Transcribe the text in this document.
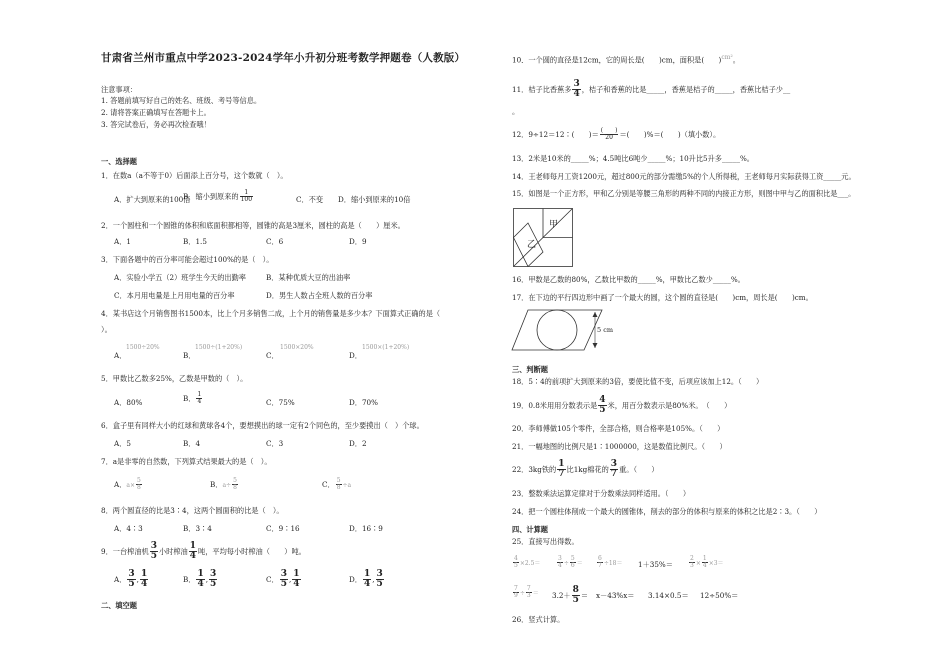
甘肃省兰州市重点中学2023-2024学年小升初分班考数学押题卷（人教版）
注意事项：
1. 答题前填写好自己的姓名、班级、考号等信息。
2. 请将答案正确填写在答题卡上。
3. 答完试卷后，务必再次检查哦！
一、选择题
1．在数a（a不等于0）后面添上百分号，这个数就（　）。
A．扩大到原来的100倍
B．缩小到原来的 $\frac{1}{100}$	C．不变 D．缩小到原来的10倍
2．一个圆柱和一个圆锥的体积和底面积都相等，圆锥的高是3厘米，圆柱的高是（　　）厘米。
A．1	B．1.5	C．6	D．9
3．下面各题中的百分率可能会超过100%的是（　）。
A．实验小学五（2）班学生今天的出勤率	B．某种优质大豆的出油率
C．本月用电量是上月用电量的百分率	D．男生人数占全班人数的百分率
4．某书店这个月销售图书1500本，比上个月多销售二成，上个月的销售量是多少本？下面算式正确的是（
）。
1500÷20%	1500÷(1+20%)	1500×20%	1500×(1+20%)
A．	B．	C．	D．
5．甲数比乙数多25%，乙数是甲数的（　）。
A．80%	B． $\frac{1}{4}$	C．75%	D．70%
6．盒子里有同样大小的红球和黄球各4个，要想摸出的球一定有2个同色的，至少要摸出（　）个球。
A．5	B．4	C．3	D．2
7．a是非零的自然数，下列算式结果最大的是（　）。
A．$a\times \frac{5}{8}$	B．$a\div \frac{5}{8}$	C． $\frac{5}{8} \div a$
8．两个圆直径的比是3∶4，这两个圆面积的比是（　）。
A．4∶3	B．3∶4	C．9∶16	D．16∶9
9．一台榨油机 $\frac{3}{5}$ 小时榨油 $\frac{1}{4}$ 吨，平均每小时榨油（　　）吨。
A． $\frac{3}{5}$ , $\frac{1}{4}$	B． $\frac{1}{4}$ , $\frac{3}{5}$	C． $\frac{3}{5}$ , $\frac{1}{4}$	D． $\frac{1}{4}$ , $\frac{3}{5}$
二、填空题
10．一个圆的直径是12cm，它的周长是(　　)cm，面积是(　　)$^{cm^2}$。
11．桔子比香蕉多 $\frac{3}{4}$ ，桔子和香蕉的比是_____，香蕉是桔子的_____，香蕉比桔子少__
。
12．9÷12＝12∶(　　)＝ $\frac{( )}{20}$ ＝(　　)%＝(　　)（填小数）。
13．2米是10米的_____%；4.5吨比6吨少_____%；10升比5升多_____%。
14．王老师每月工资1200元，超过800元的部分需缴5%的个人所得税，王老师每月实际获得工资_____元。
15．如图是一个正方形，甲和乙分别是等腰三角形的两种不同的内接正方形，则图中甲与乙的面积比是___。
甲
乙
16．甲数是乙数的80%，乙数比甲数的_____%，甲数比乙数少_____%。
17．在下边的平行四边形中画了一个最大的圆，这个圆的直径是(　　)cm，周长是(　　)cm。
5 cm
三、判断题
18．5∶4的前项扩大到原来的3倍，要使比值不变，后项应该加上12。（　　）
19．0.8米用用分数表示是 $\frac{4}{5}$ 米，用百分数表示是80%米。　（　　）
20．李师傅做105个零件，全部合格，则合格率是105%。（　　）
21．一幅地图的比例尺是1∶1000000，这是数值比例尺。（　　）
22．3kg铁的 $\frac{1}{7}$ 比1kg棉花的 $\frac{3}{7}$ 重。（　　）
23．整数乘法运算定律对于分数乘法同样适用。（　　）
24．把一个圆柱体削成一个最大的圆锥体，削去的部分的体积与原来的体积之比是2∶3。（　　）
四、计算题
25．直接写出得数。
$\frac{4}{5} \times 2.5=$	$\frac{3}{4} \div \frac{5}{6} = \frac{6}{7} \div 18= 1+35\%=$	$\frac{2}{3} \times \frac{1}{4} \times 3=$
$\frac{7}{9} \div \frac{7}{3} = 3.2+ \frac{8}{5} = x-43\%x= 3.14\times 0.5= 12\div 50\%=$
26．竖式计算。
